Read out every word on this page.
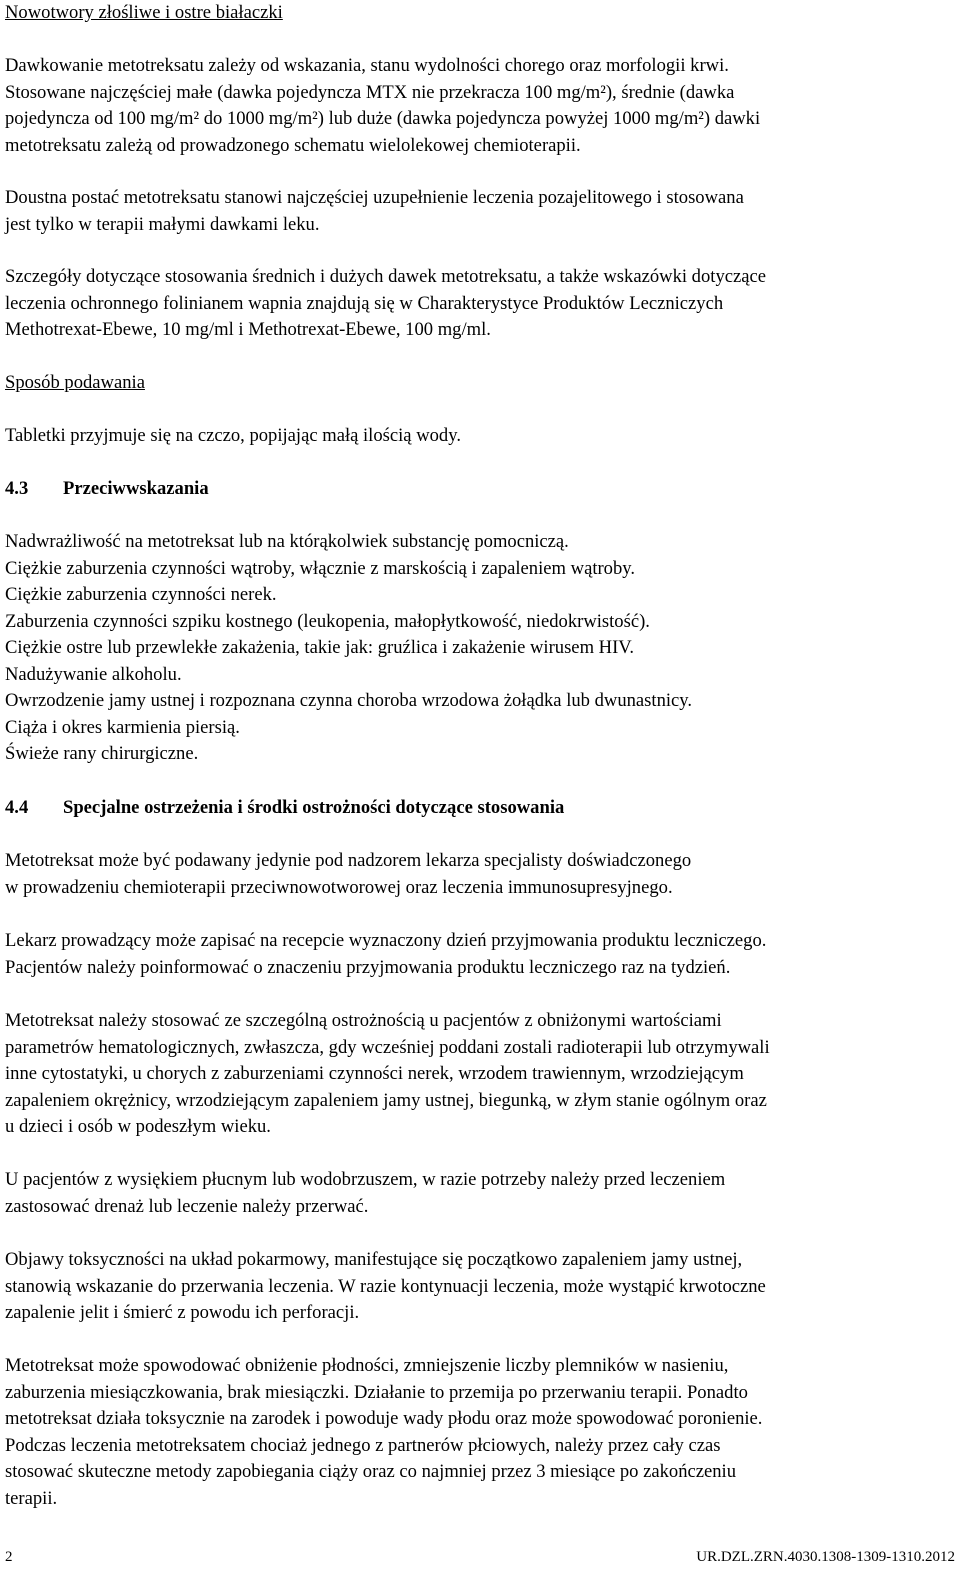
Nowotwory złośliwe i ostre białaczki
Dawkowanie metotreksatu zależy od wskazania, stanu wydolności chorego oraz morfologii krwi.
Stosowane najczęściej małe (dawka pojedyncza MTX nie przekracza 100 mg/m²), średnie (dawka
pojedyncza od 100 mg/m² do 1000 mg/m²) lub duże (dawka pojedyncza powyżej 1000 mg/m²) dawki
metotreksatu zależą od prowadzonego schematu wielolekowej chemioterapii.
Doustna postać metotreksatu stanowi najczęściej uzupełnienie leczenia pozajelitowego i stosowana
jest tylko w terapii małymi dawkami leku.
Szczegóły dotyczące stosowania średnich i dużych dawek metotreksatu, a także wskazówki dotyczące
leczenia ochronnego folinianem wapnia znajdują się w Charakterystyce Produktów Leczniczych
Methotrexat-Ebewe, 10 mg/ml i Methotrexat-Ebewe, 100 mg/ml.
Sposób podawania
Tabletki przyjmuje się na czczo, popijając małą ilością wody.
4.3	Przeciwwskazania
Nadwrażliwość na metotreksat lub na którąkolwiek substancję pomocniczą.
Ciężkie zaburzenia czynności wątroby, włącznie z marskością i zapaleniem wątroby.
Ciężkie zaburzenia czynności nerek.
Zaburzenia czynności szpiku kostnego (leukopenia, małopłytkowość, niedokrwistość).
Ciężkie ostre lub przewlekłe zakażenia, takie jak: gruźlica i zakażenie wirusem HIV.
Nadużywanie alkoholu.
Owrzodzenie jamy ustnej i rozpoznana czynna choroba wrzodowa żołądka lub dwunastnicy.
Ciąża i okres karmienia piersią.
Świeże rany chirurgiczne.
4.4	Specjalne ostrzeżenia i środki ostrożności dotyczące stosowania
Metotreksat może być podawany jedynie pod nadzorem lekarza specjalisty doświadczonego
w prowadzeniu chemioterapii przeciwnowotworowej oraz leczenia immunosupresyjnego.
Lekarz prowadzący może zapisać na recepcie wyznaczony dzień przyjmowania produktu leczniczego.
Pacjentów należy poinformować o znaczeniu przyjmowania produktu leczniczego raz na tydzień.
Metotreksat należy stosować ze szczególną ostrożnością u pacjentów z obniżonymi wartościami
parametrów hematologicznych, zwłaszcza, gdy wcześniej poddani zostali radioterapii lub otrzymywali
inne cytostatyki, u chorych z zaburzeniami czynności nerek, wrzodem trawiennym, wrzodziejącym
zapaleniem okrężnicy, wrzodziejącym zapaleniem jamy ustnej, biegunką, w złym stanie ogólnym oraz
u dzieci i osób w podeszłym wieku.
U pacjentów z wysiękiem płucnym lub wodobrzuszem, w razie potrzeby należy przed leczeniem
zastosować drenaż lub leczenie należy przerwać.
Objawy toksyczności na układ pokarmowy, manifestujące się początkowo zapaleniem jamy ustnej,
stanowią wskazanie do przerwania leczenia. W razie kontynuacji leczenia, może wystąpić krwotoczne
zapalenie jelit i śmierć z powodu ich perforacji.
Metotreksat może spowodować obniżenie płodności, zmniejszenie liczby plemników w nasieniu,
zaburzenia miesiączkowania, brak miesiączki. Działanie to przemija po przerwaniu terapii. Ponadto
metotreksat działa toksycznie na zarodek i powoduje wady płodu oraz może spowodować poronienie.
Podczas leczenia metotreksatem chociaż jednego z partnerów płciowych, należy przez cały czas
stosować skuteczne metody zapobiegania ciąży oraz co najmniej przez 3 miesiące po zakończeniu
terapii.
2	UR.DZL.ZRN.4030.1308-1309-1310.2012
